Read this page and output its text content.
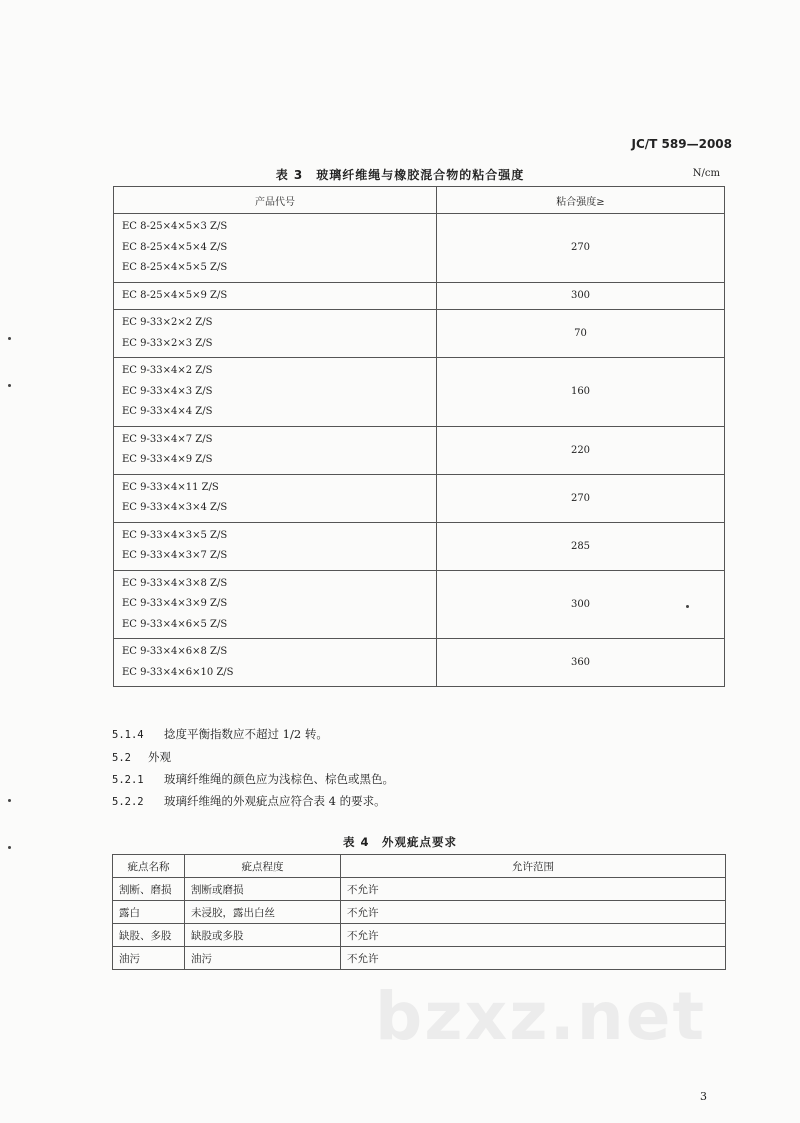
JC/T 589—2008
表 3　玻璃纤维绳与橡胶混合物的粘合强度	N/cm
产品代号	粘合强度≥

EC 8-25×4×5×3 Z/S
EC 8-25×4×5×4 Z/S
EC 8-25×4×5×5 Z/S	270

EC 8-25×4×5×9 Z/S	300

EC 9-33×2×2 Z/S
EC 9-33×2×3 Z/S	70

EC 9-33×4×2 Z/S
EC 9-33×4×3 Z/S
EC 9-33×4×4 Z/S	160

EC 9-33×4×7 Z/S
EC 9-33×4×9 Z/S	220

EC 9-33×4×11 Z/S
EC 9-33×4×3×4 Z/S	270

EC 9-33×4×3×5 Z/S
EC 9-33×4×3×7 Z/S	285

EC 9-33×4×3×8 Z/S
EC 9-33×4×3×9 Z/S
EC 9-33×4×6×5 Z/S	300

EC 9-33×4×6×8 Z/S
EC 9-33×4×6×10 Z/S	360
5.1.4 捻度平衡指数应不超过 1/2 转。
5.2 外观
5.2.1 玻璃纤维绳的颜色应为浅棕色、棕色或黑色。
5.2.2 玻璃纤维绳的外观疵点应符合表 4 的要求。
表 4　外观疵点要求
疵点名称	疵点程度	允许范围
割断、磨损	割断或磨损	不允许
露白	未浸胶，露出白丝	不允许
缺股、多股	缺股或多股	不允许
油污	油污	不允许
bzxz.net
3
